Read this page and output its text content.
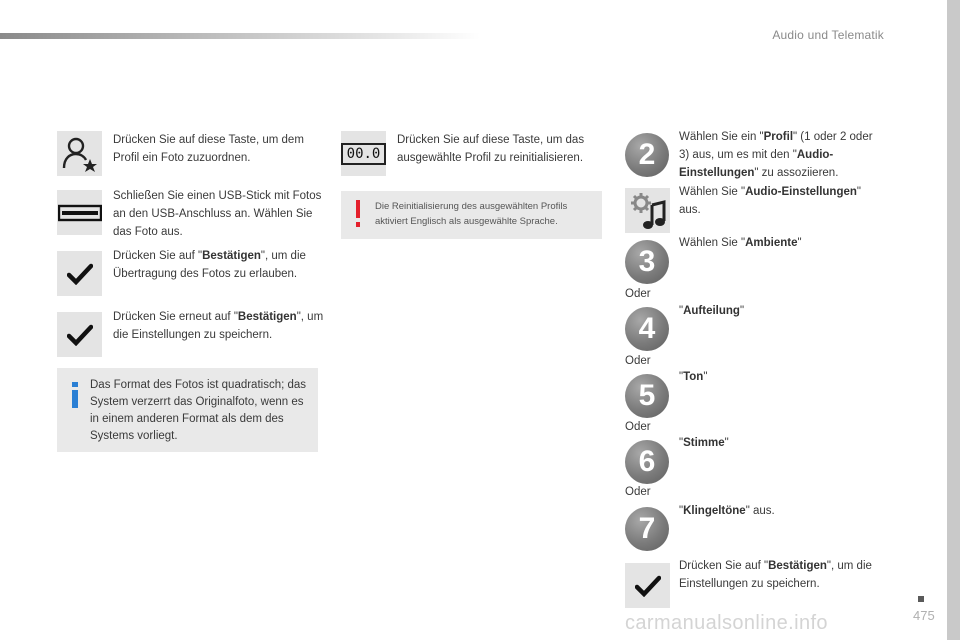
Audio und Telematik
Drücken Sie auf diese Taste, um dem Profil ein Foto zuzuordnen.
Schließen Sie einen USB-Stick mit Fotos an den USB-Anschluss an. Wählen Sie das Foto aus.
Drücken Sie auf "Bestätigen", um die Übertragung des Fotos zu erlauben.
Drücken Sie erneut auf "Bestätigen", um die Einstellungen zu speichern.
Das Format des Fotos ist quadratisch; das System verzerrt das Originalfoto, wenn es in einem anderen Format als dem des Systems vorliegt.
00.0
Drücken Sie auf diese Taste, um das ausgewählte Profil zu reinitialisieren.
Die Reinitialisierung des ausgewählten Profils aktiviert Englisch als ausgewählte Sprache.
2
Wählen Sie ein "Profil" (1 oder 2 oder 3) aus, um es mit den "Audio-Einstellungen" zu assoziieren.
Wählen Sie "Audio-Einstellungen" aus.
3
Wählen Sie "Ambiente"
Oder
4
"Aufteilung"
Oder
5
"Ton"
Oder
6
"Stimme"
Oder
7
"Klingeltöne" aus.
Drücken Sie auf "Bestätigen", um die Einstellungen zu speichern.
475
carmanualsonline.info
